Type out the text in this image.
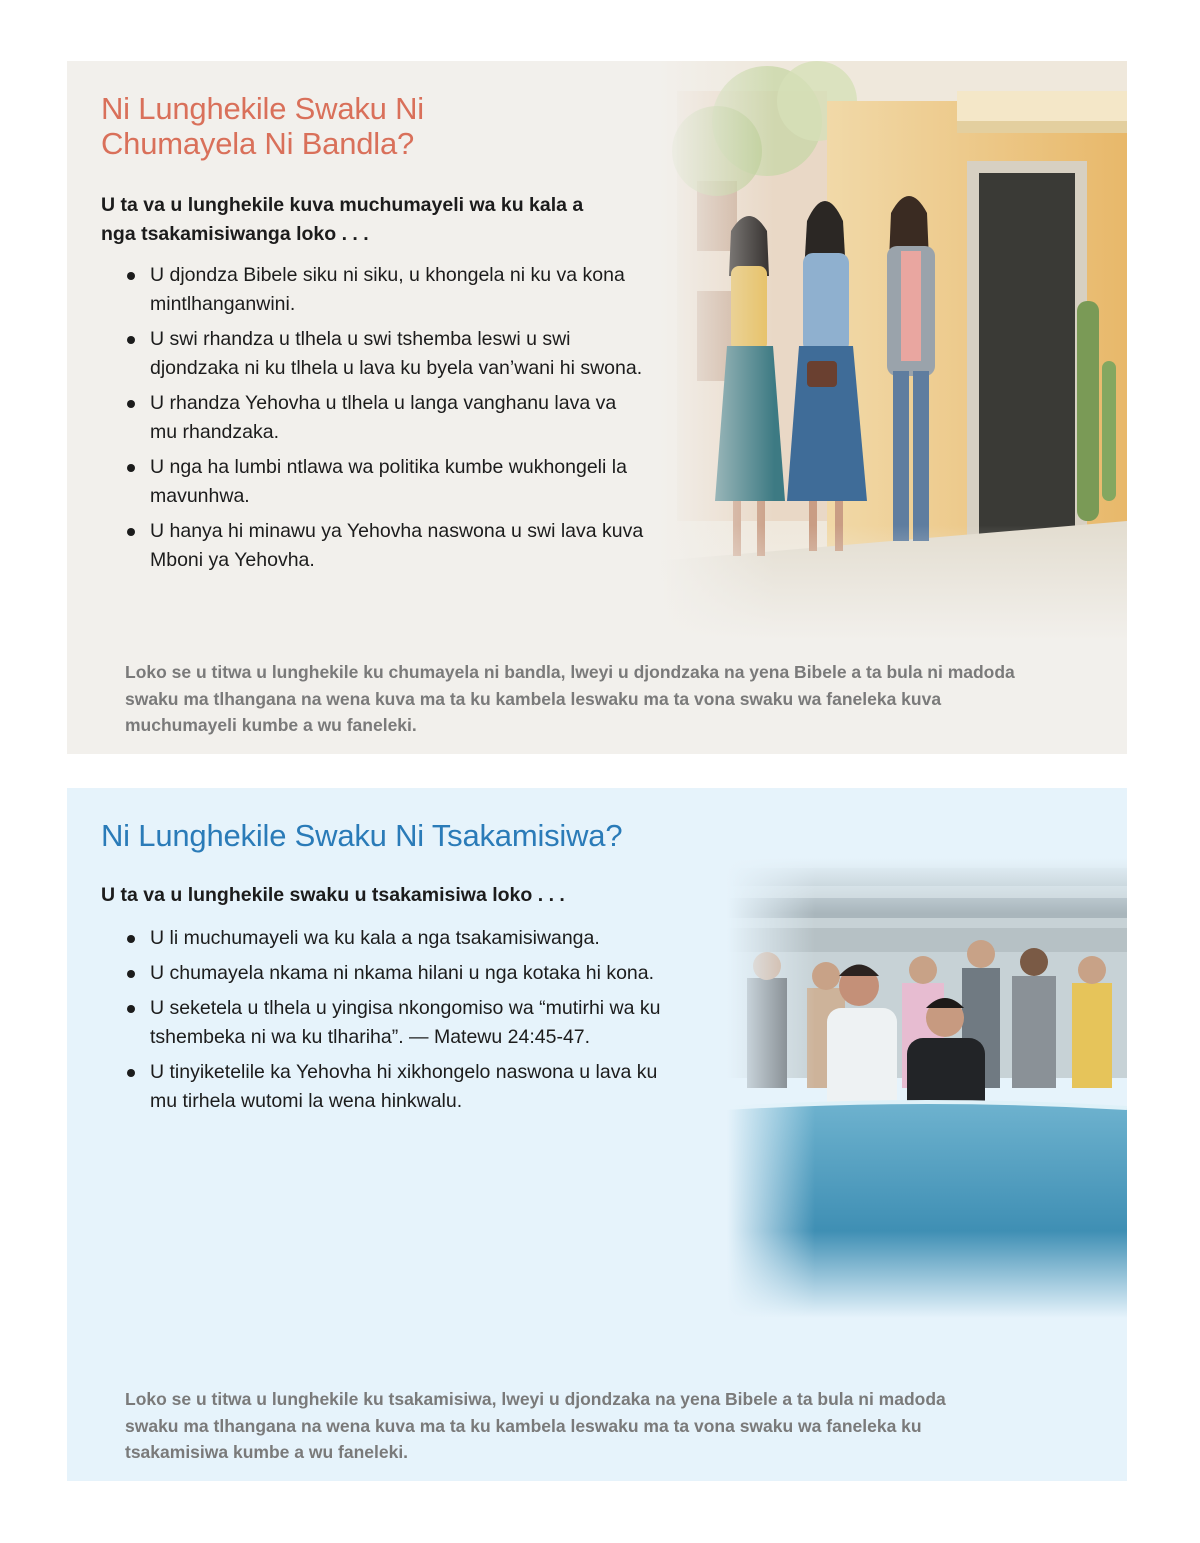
Ni Lunghekile Swaku Ni Chumayela Ni Bandla?

U ta va u lunghekile kuva muchumayeli wa ku kala a nga tsakamisiwanga loko . . .

U djondza Bibele siku ni siku, u khongela ni ku va kona mintlhanganwini.
U swi rhandza u tlhela u swi tshemba leswi u swi djondzaka ni ku tlhela u lava ku byela van’wani hi swona.
U rhandza Yehovha u tlhela u langa vanghanu lava va mu rhandzaka.
U nga ha lumbi ntlawa wa politika kumbe wukhongeli la mavunhwa.
U hanya hi minawu ya Yehovha naswona u swi lava kuva Mboni ya Yehovha.

Loko se u titwa u lunghekile ku chumayela ni bandla, lweyi u djondzaka na yena Bibele a ta bula ni madoda swaku ma tlhangana na wena kuva ma ta ku kambela leswaku ma ta vona swaku wa faneleka kuva muchumayeli kumbe a wu faneleki.

Ni Lunghekile Swaku Ni Tsakamisiwa?

U ta va u lunghekile swaku u tsakamisiwa loko . . .

U li muchumayeli wa ku kala a nga tsakamisiwanga.
U chumayela nkama ni nkama hilani u nga kotaka hi kona.
U seketela u tlhela u yingisa nkongomiso wa “mutirhi wa ku tshembeka ni wa ku tlhariha”. — Matewu 24:45-47.
U tinyiketelile ka Yehovha hi xikhongelo naswona u lava ku mu tirhela wutomi la wena hinkwalu.

Loko se u titwa u lunghekile ku tsakamisiwa, lweyi u djondzaka na yena Bibele a ta bula ni madoda swaku ma tlhangana na wena kuva ma ta ku kambela leswaku ma ta vona swaku wa faneleka ku tsakamisiwa kumbe a wu faneleki.
